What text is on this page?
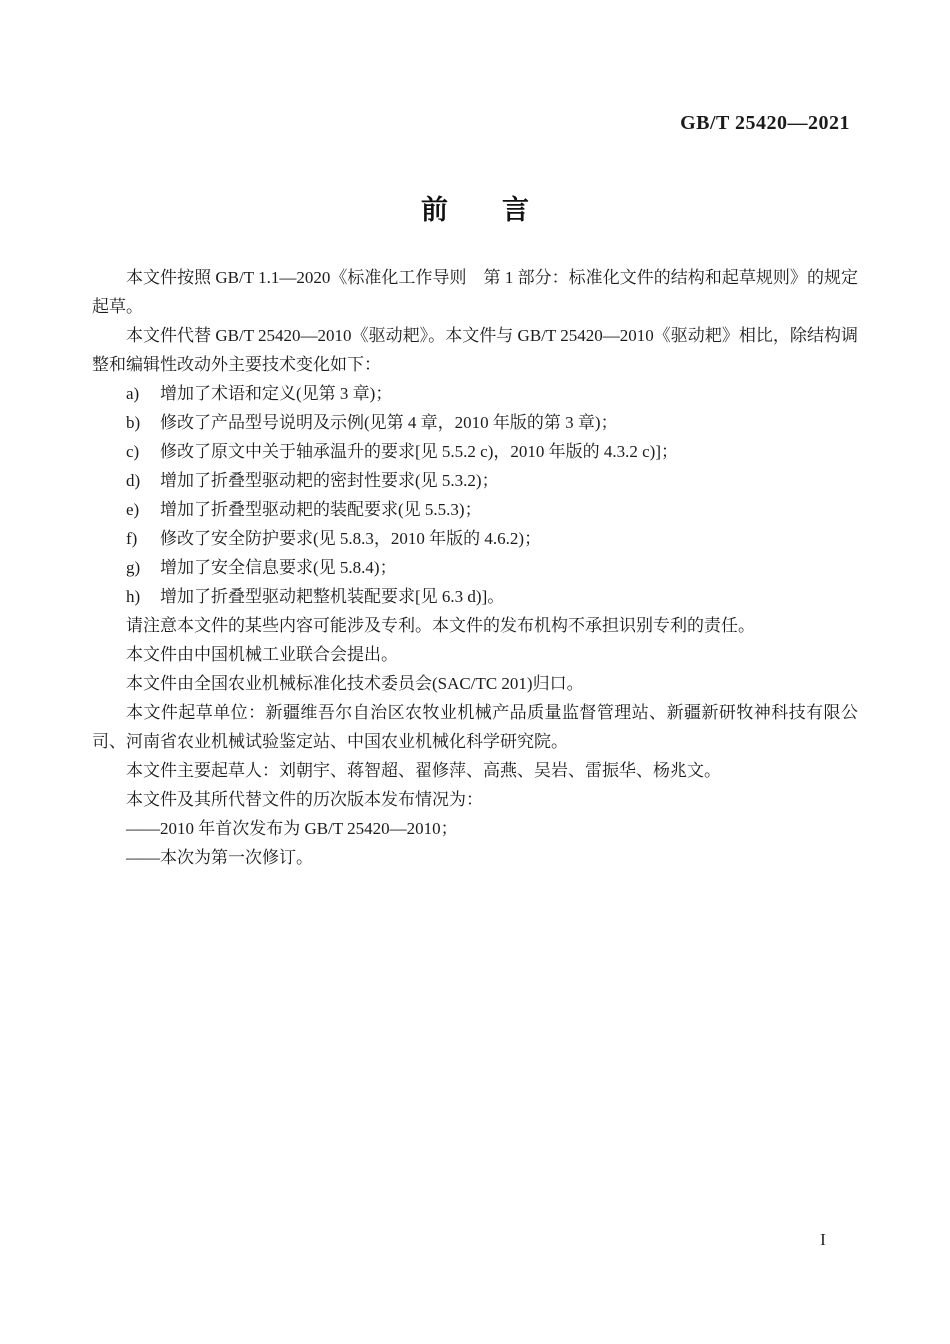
GB/T 25420—2021
前　　言

本文件按照 GB/T 1.1—2020《标准化工作导则　第 1 部分：标准化文件的结构和起草规则》的规定起草。

本文件代替 GB/T 25420—2010《驱动耙》。本文件与 GB/T 25420—2010《驱动耙》相比，除结构调整和编辑性改动外主要技术变化如下：

a) 增加了术语和定义(见第 3 章)；
b) 修改了产品型号说明及示例(见第 4 章，2010 年版的第 3 章)；
c) 修改了原文中关于轴承温升的要求[见 5.5.2 c)，2010 年版的 4.3.2 c)]；
d) 增加了折叠型驱动耙的密封性要求(见 5.3.2)；
e) 增加了折叠型驱动耙的装配要求(见 5.5.3)；
f) 修改了安全防护要求(见 5.8.3，2010 年版的 4.6.2)；
g) 增加了安全信息要求(见 5.8.4)；
h) 增加了折叠型驱动耙整机装配要求[见 6.3 d)]。

请注意本文件的某些内容可能涉及专利。本文件的发布机构不承担识别专利的责任。

本文件由中国机械工业联合会提出。

本文件由全国农业机械标准化技术委员会(SAC/TC 201)归口。

本文件起草单位：新疆维吾尔自治区农牧业机械产品质量监督管理站、新疆新研牧神科技有限公司、河南省农业机械试验鉴定站、中国农业机械化科学研究院。

本文件主要起草人：刘朝宇、蒋智超、翟修萍、高燕、吴岩、雷振华、杨兆文。

本文件及其所代替文件的历次版本发布情况为：

——2010 年首次发布为 GB/T 25420—2010；

——本次为第一次修订。

I
